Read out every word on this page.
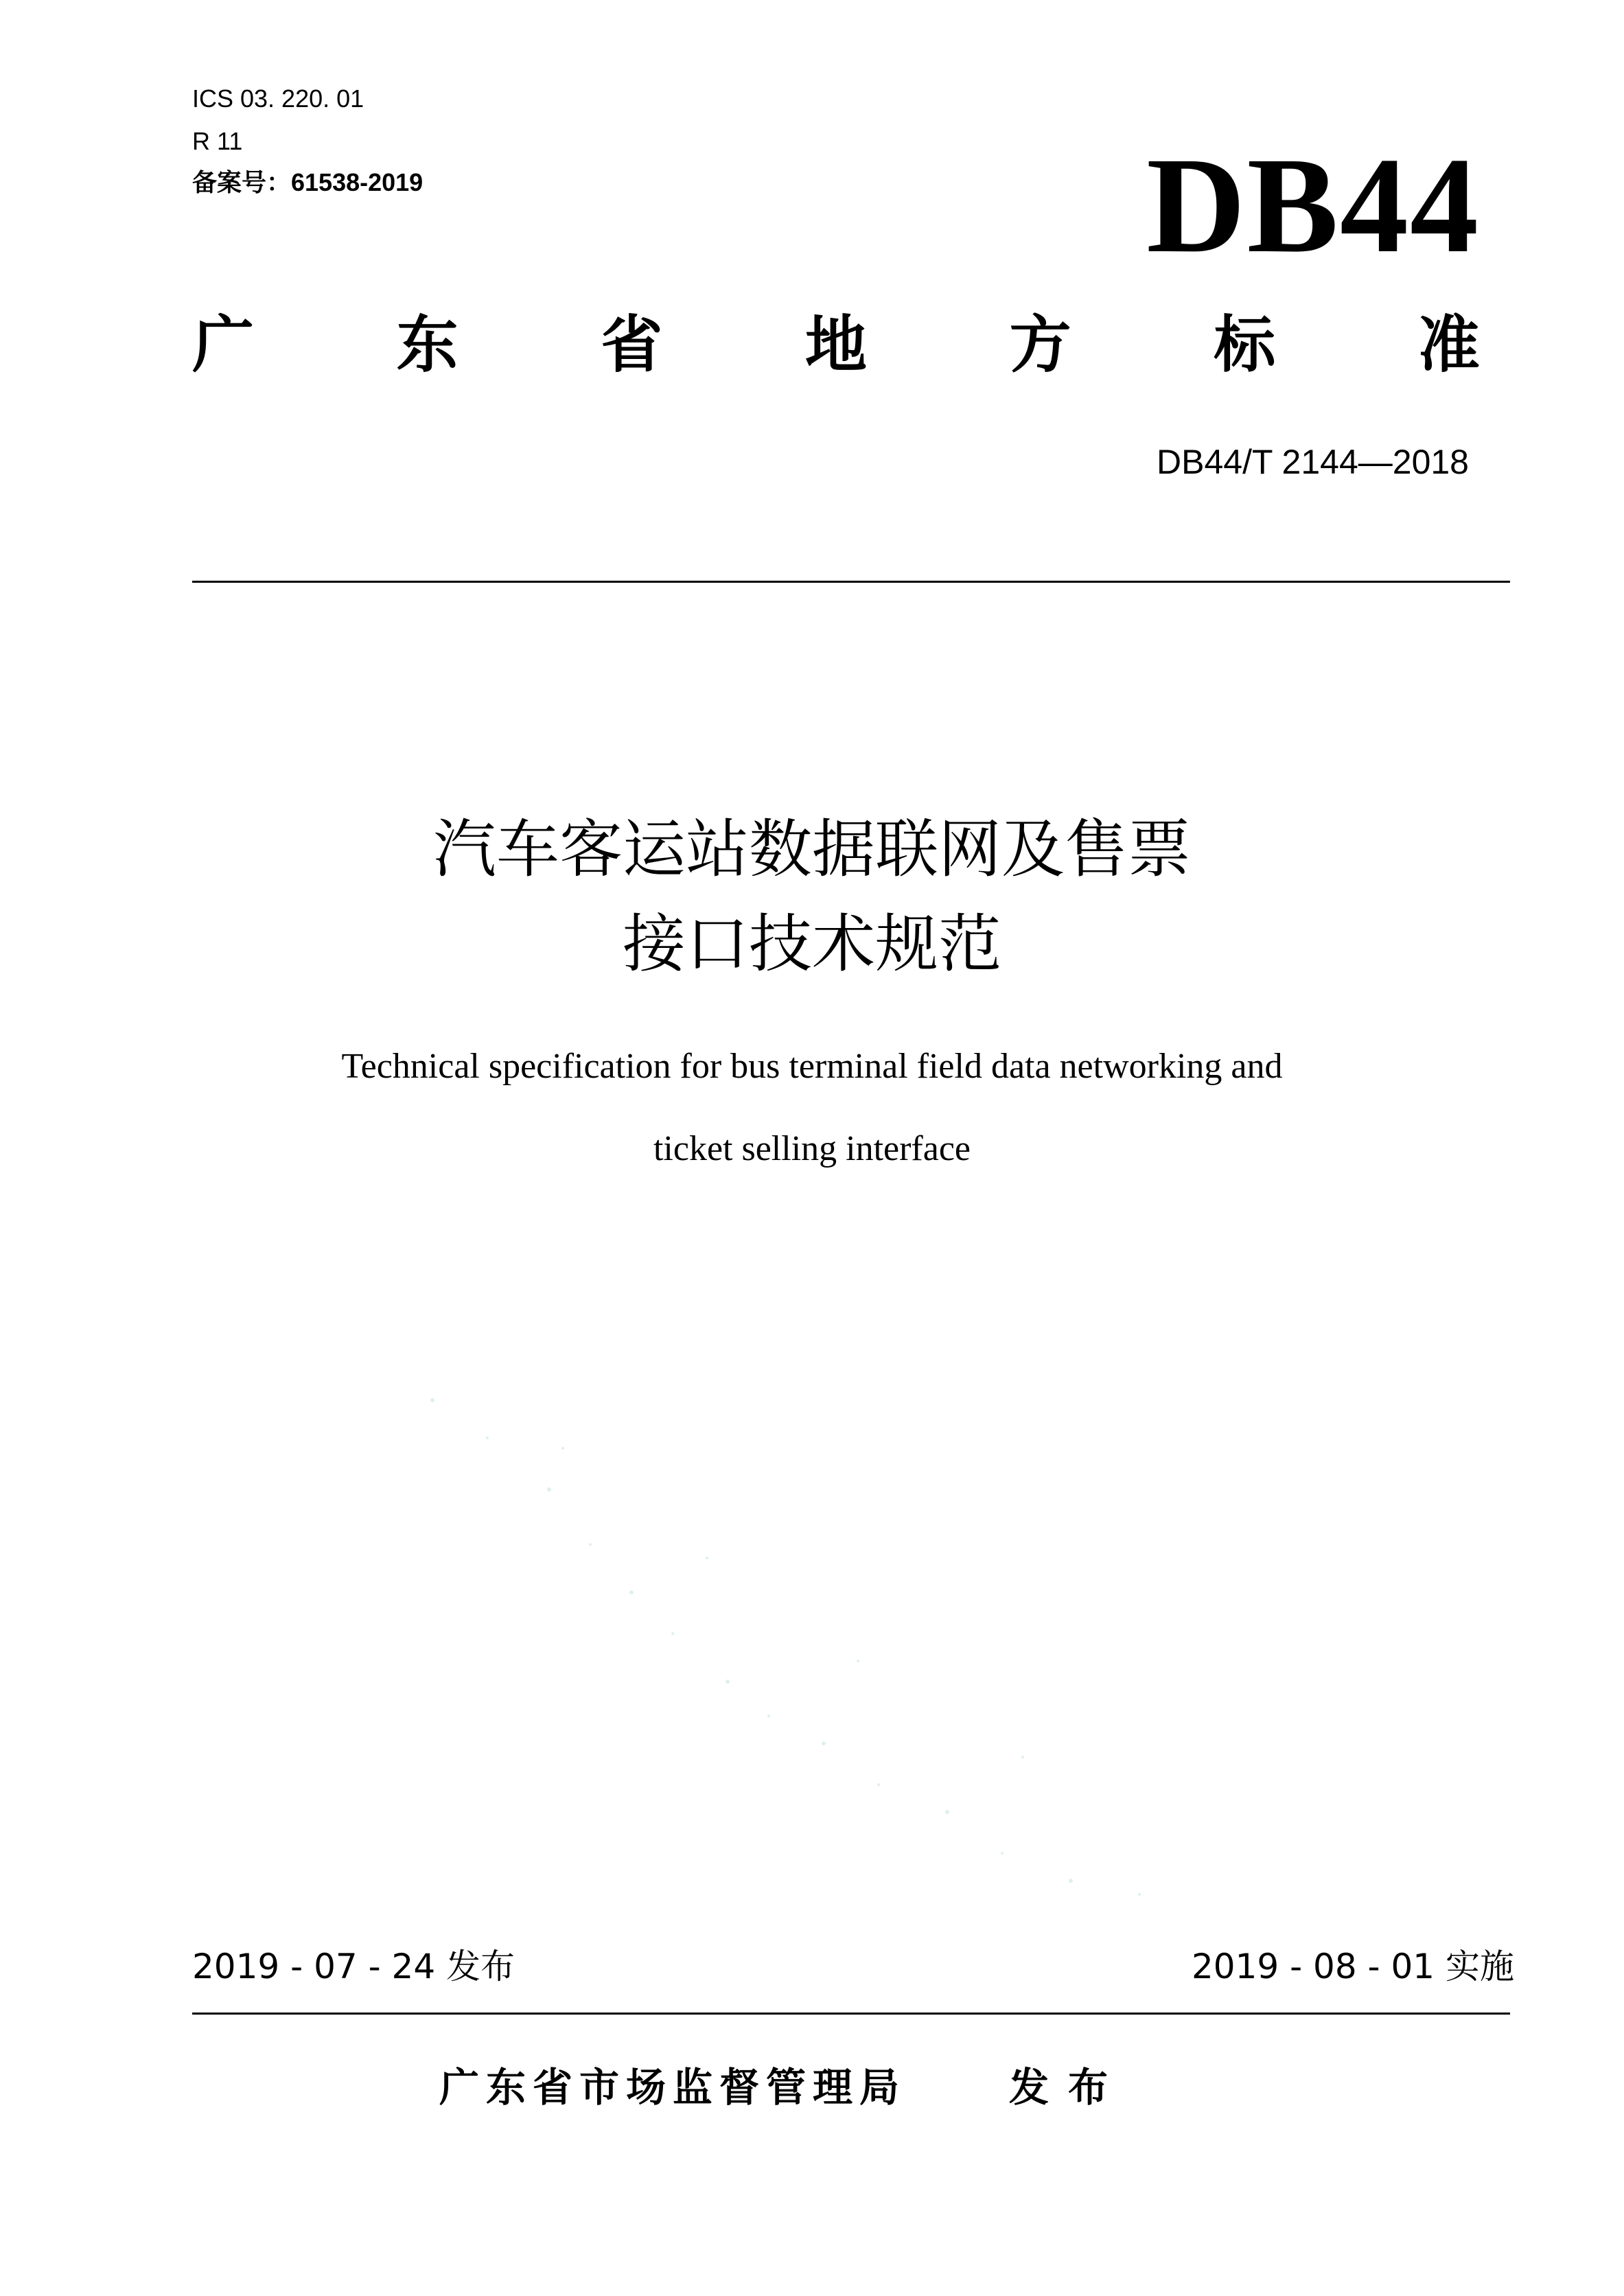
ICS 03. 220. 01
R 11
备案号：61538-2019	DB44
广 东 省 地 方 标 准
DB44/T 2144—2018
汽车客运站数据联网及售票
接口技术规范
Technical specification for bus terminal field data networking and
ticket selling interface
2019 - 07 - 24 发布	2019 - 08 - 01 实施
广东省市场监督管理局	发布
